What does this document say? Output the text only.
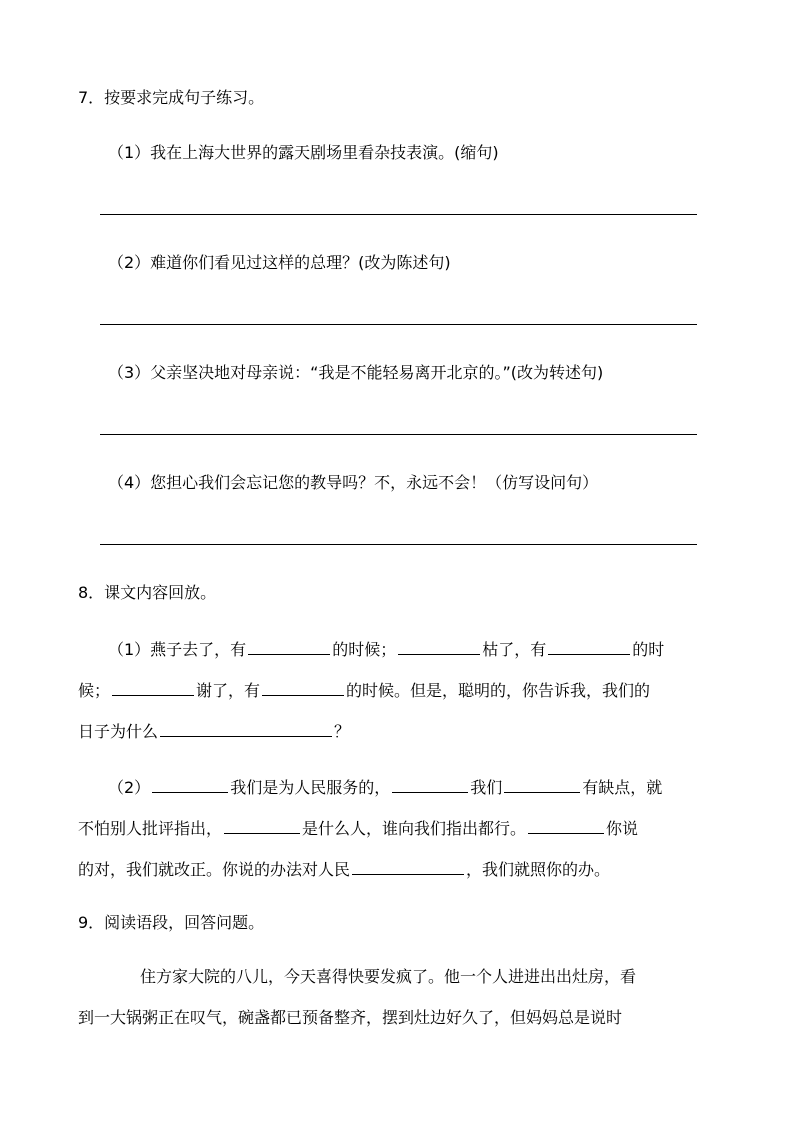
7．按要求完成句子练习。
（1）我在上海大世界的露天剧场里看杂技表演。(缩句)
（2）难道你们看见过这样的总理？(改为陈述句)
（3）父亲坚决地对母亲说：“我是不能轻易离开北京的。”(改为转述句)
（4）您担心我们会忘记您的教导吗？不，永远不会！（仿写设问句）
8．课文内容回放。
（1）燕子去了，有	的时候；	枯了，有	的时
候；	谢了，有	的时候。但是，聪明的，你告诉我，我们的
日子为什么	？
（2）	我们是为人民服务的，	我们	有缺点，就
不怕别人批评指出，	是什么人，谁向我们指出都行。	你说
的对，我们就改正。你说的办法对人民	，我们就照你的办。
9．阅读语段，回答问题。
住方家大院的八儿，今天喜得快要发疯了。他一个人进进出出灶房，看
到一大锅粥正在叹气，碗盏都已预备整齐，摆到灶边好久了，但妈妈总是说时
